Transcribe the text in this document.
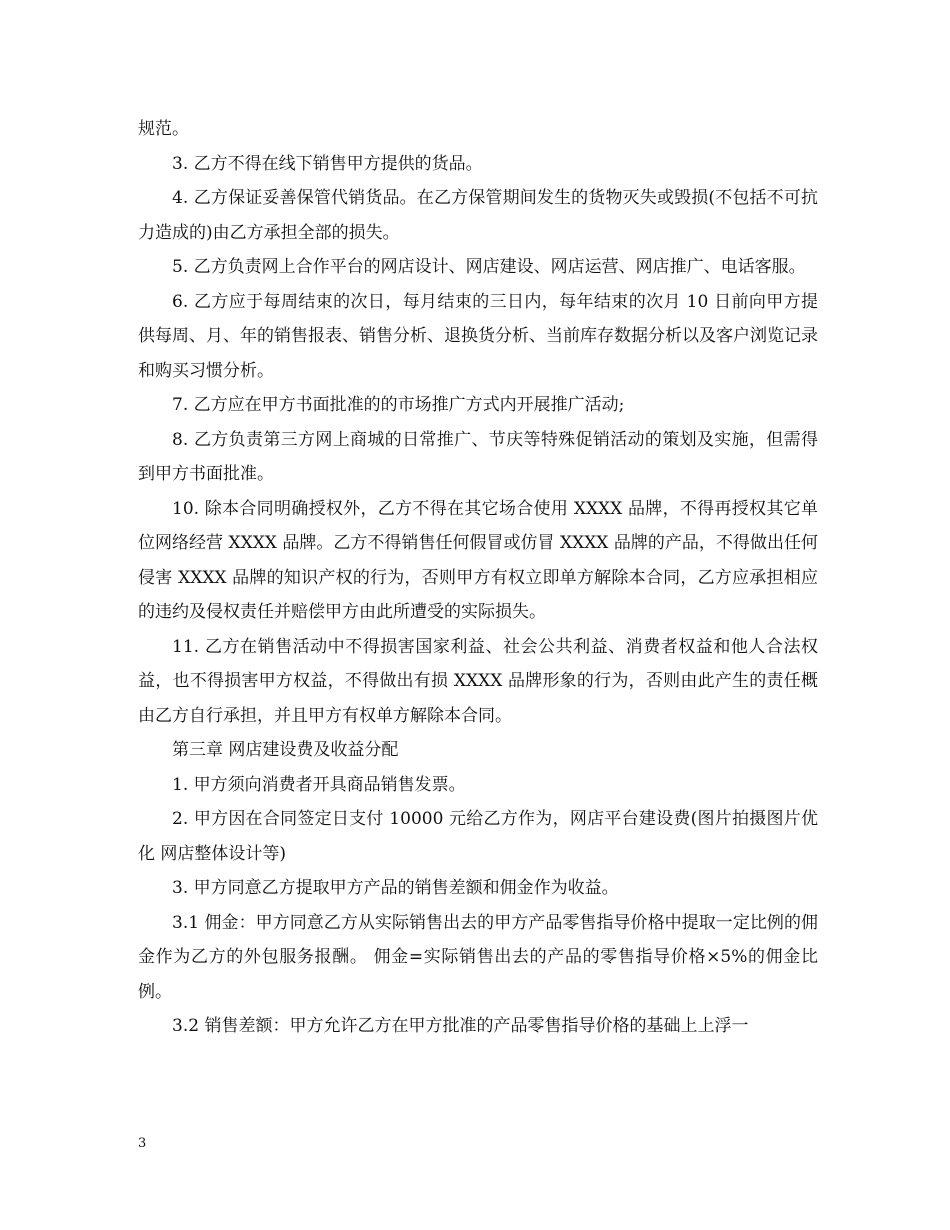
规范。

3. 乙方不得在线下销售甲方提供的货品。

4. 乙方保证妥善保管代销货品。在乙方保管期间发生的货物灭失或毁损(不包括不可抗力造成的)由乙方承担全部的损失。

5. 乙方负责网上合作平台的网店设计、网店建设、网店运营、网店推广、电话客服。

6. 乙方应于每周结束的次日，每月结束的三日内，每年结束的次月 10 日前向甲方提供每周、月、年的销售报表、销售分析、退换货分析、当前库存数据分析以及客户浏览记录和购买习惯分析。

7. 乙方应在甲方书面批准的的市场推广方式内开展推广活动;

8. 乙方负责第三方网上商城的日常推广、节庆等特殊促销活动的策划及实施，但需得到甲方书面批准。

10. 除本合同明确授权外，乙方不得在其它场合使用 XXXX 品牌，不得再授权其它单位网络经营 XXXX 品牌。乙方不得销售任何假冒或仿冒 XXXX 品牌的产品，不得做出任何侵害 XXXX 品牌的知识产权的行为，否则甲方有权立即单方解除本合同，乙方应承担相应的违约及侵权责任并赔偿甲方由此所遭受的实际损失。

11. 乙方在销售活动中不得损害国家利益、社会公共利益、消费者权益和他人合法权益，也不得损害甲方权益，不得做出有损 XXXX 品牌形象的行为，否则由此产生的责任概由乙方自行承担，并且甲方有权单方解除本合同。

第三章 网店建设费及收益分配

1. 甲方须向消费者开具商品销售发票。

2. 甲方因在合同签定日支付 10000 元给乙方作为，网店平台建设费(图片拍摄图片优化 网店整体设计等)

3. 甲方同意乙方提取甲方产品的销售差额和佣金作为收益。

3.1 佣金：甲方同意乙方从实际销售出去的甲方产品零售指导价格中提取一定比例的佣金作为乙方的外包服务报酬。 佣金=实际销售出去的产品的零售指导价格×5%的佣金比例。

3.2 销售差额：甲方允许乙方在甲方批准的产品零售指导价格的基础上上浮一

3
